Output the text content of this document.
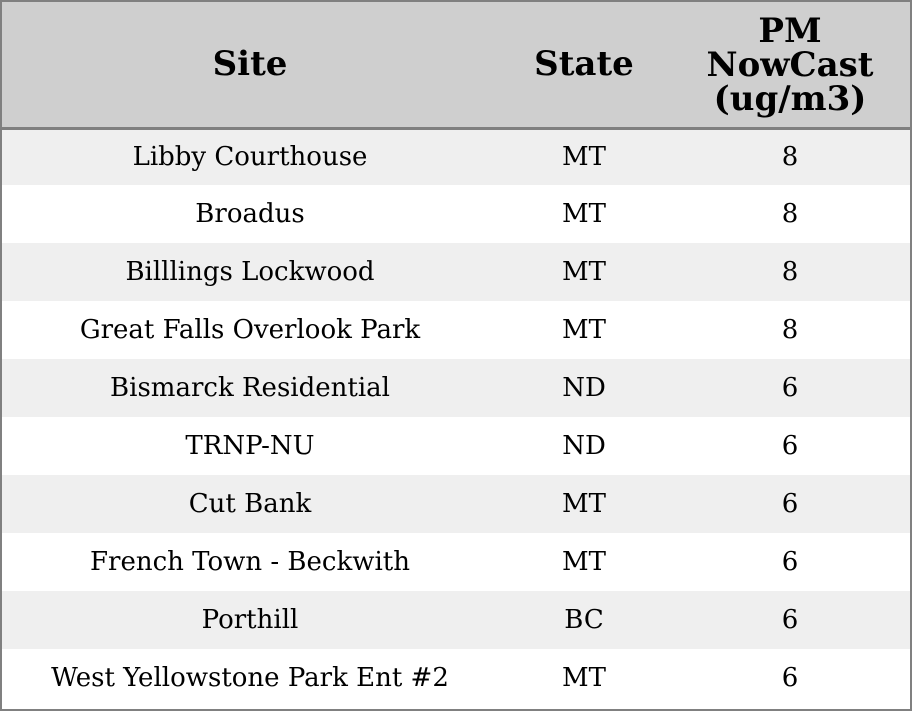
Site	State	PM
NowCast
(ug/m3)
Libby Courthouse	MT	8
Broadus	MT	8
Billlings Lockwood	MT	8
Great Falls Overlook Park	MT	8
Bismarck Residential	ND	6
TRNP-NU	ND	6
Cut Bank	MT	6
French Town - Beckwith	MT	6
Porthill	BC	6
West Yellowstone Park Ent #2	MT	6
